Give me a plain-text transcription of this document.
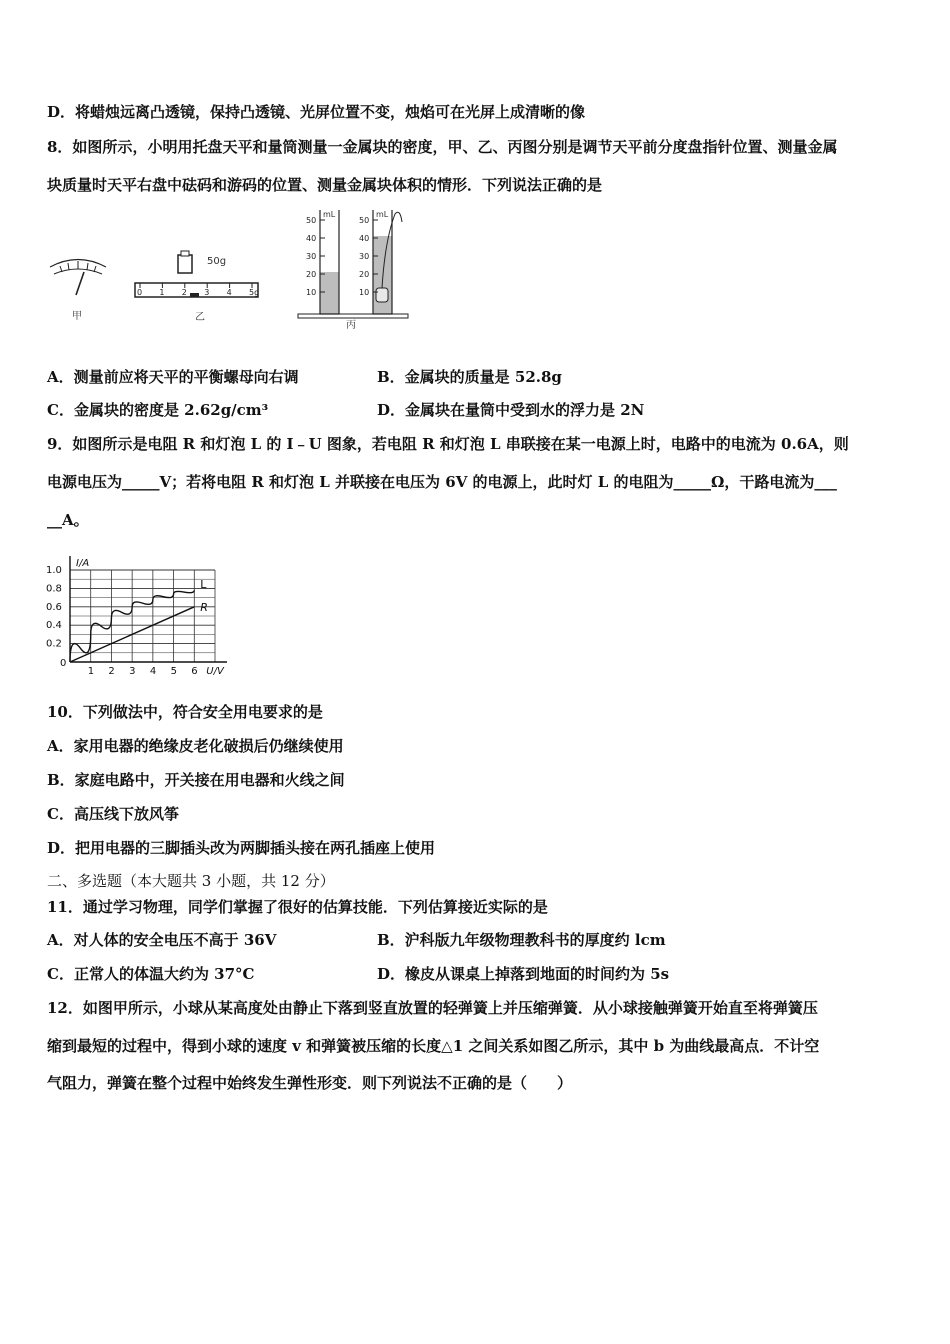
D．将蜡烛远离凸透镜，保持凸透镜、光屏位置不变，烛焰可在光屏上成清晰的像
8．如图所示，小明用托盘天平和量筒测量一金属块的密度，甲、乙、丙图分别是调节天平前分度盘指针位置、测量金属
块质量时天平右盘中砝码和游码的位置、测量金属块体积的情形．下列说法正确的是
甲
50g
0 1 2 3 4 5g
乙
mL	mL
50
40
30
20
10
50
40
30
20
10
丙
A．测量前应将天平的平衡螺母向右调	B．金属块的质量是 52.8g
C．金属块的密度是 2.62g/cm³	D．金属块在量筒中受到水的浮力是 2N
9．如图所示是电阻 R 和灯泡 L 的 I﹣U 图象，若电阻 R 和灯泡 L 串联接在某一电源上时，电路中的电流为 0.6A，则
电源电压为_____V；若将电阻 R 和灯泡 L 并联接在电压为 6V 的电源上，此时灯 L 的电阻为_____Ω，干路电流为___
__A。
1.0
0.8
0.6
0.4
0.2
1 2 3 4 5 6
0
I/A
U/V
L
R
10．下列做法中，符合安全用电要求的是
A．家用电器的绝缘皮老化破损后仍继续使用
B．家庭电路中，开关接在用电器和火线之间
C．高压线下放风筝
D．把用电器的三脚插头改为两脚插头接在两孔插座上使用
二、多选题（本大题共 3 小题，共 12 分）
11．通过学习物理，同学们掌握了很好的估算技能．下列估算接近实际的是
A．对人体的安全电压不高于 36V	B．沪科版九年级物理教科书的厚度约 lcm
C．正常人的体温大约为 37°C	D．橡皮从课桌上掉落到地面的时间约为 5s
12．如图甲所示，小球从某高度处由静止下落到竖直放置的轻弹簧上并压缩弹簧．从小球接触弹簧开始直至将弹簧压
缩到最短的过程中，得到小球的速度 v 和弹簧被压缩的长度△1 之间关系如图乙所示，其中 b 为曲线最高点．不计空
气阻力，弹簧在整个过程中始终发生弹性形变．则下列说法不正确的是（　　）
